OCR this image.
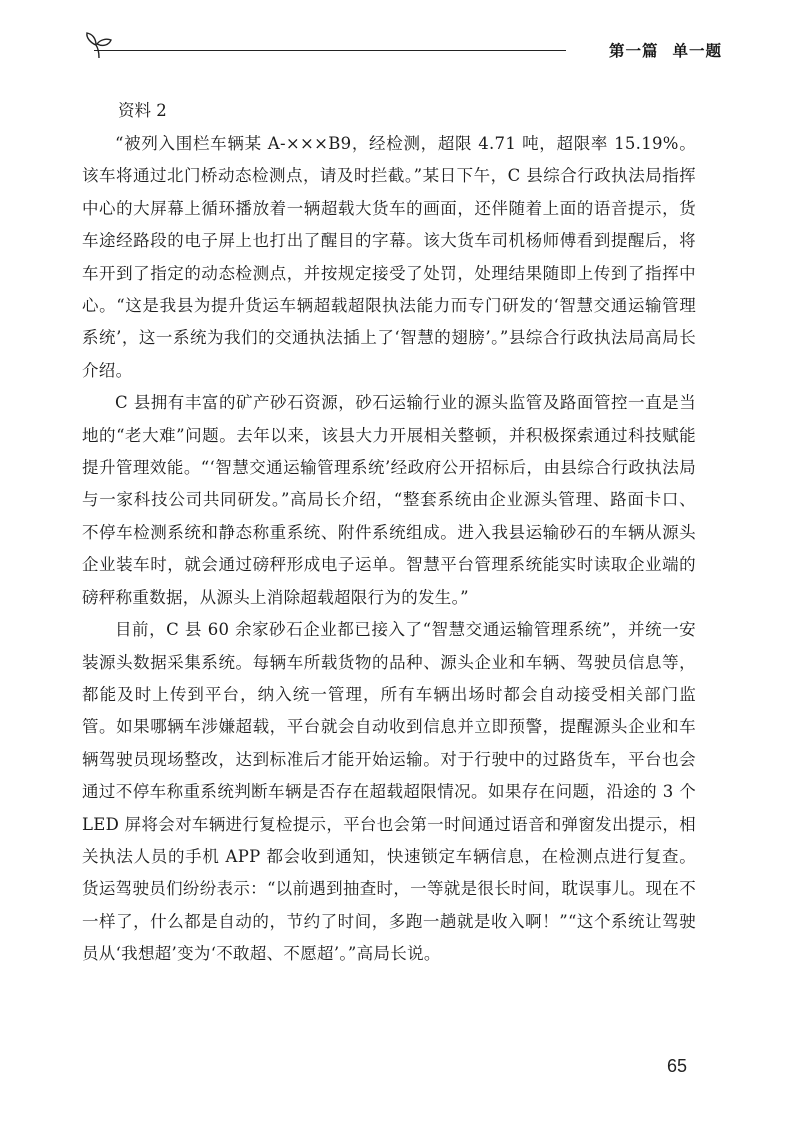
第一篇 单一题
资料 2

“被列入围栏车辆某 A-×××B9，经检测，超限 4.71 吨，超限率 15.19%。该车将通过北门桥动态检测点，请及时拦截。”某日下午，C 县综合行政执法局指挥中心的大屏幕上循环播放着一辆超载大货车的画面，还伴随着上面的语音提示，货车途经路段的电子屏上也打出了醒目的字幕。该大货车司机杨师傅看到提醒后，将车开到了指定的动态检测点，并按规定接受了处罚，处理结果随即上传到了指挥中心。“这是我县为提升货运车辆超载超限执法能力而专门研发的‘智慧交通运输管理系统’，这一系统为我们的交通执法插上了‘智慧的翅膀’。”县综合行政执法局高局长介绍。

C 县拥有丰富的矿产砂石资源，砂石运输行业的源头监管及路面管控一直是当地的“老大难”问题。去年以来，该县大力开展相关整顿，并积极探索通过科技赋能提升管理效能。“‘智慧交通运输管理系统’经政府公开招标后，由县综合行政执法局与一家科技公司共同研发。”高局长介绍，“整套系统由企业源头管理、路面卡口、不停车检测系统和静态称重系统、附件系统组成。进入我县运输砂石的车辆从源头企业装车时，就会通过磅秤形成电子运单。智慧平台管理系统能实时读取企业端的磅秤称重数据，从源头上消除超载超限行为的发生。”

目前，C 县 60 余家砂石企业都已接入了“智慧交通运输管理系统”，并统一安装源头数据采集系统。每辆车所载货物的品种、源头企业和车辆、驾驶员信息等，都能及时上传到平台，纳入统一管理，所有车辆出场时都会自动接受相关部门监管。如果哪辆车涉嫌超载，平台就会自动收到信息并立即预警，提醒源头企业和车辆驾驶员现场整改，达到标准后才能开始运输。对于行驶中的过路货车，平台也会通过不停车称重系统判断车辆是否存在超载超限情况。如果存在问题，沿途的 3 个 LED 屏将会对车辆进行复检提示，平台也会第一时间通过语音和弹窗发出提示，相关执法人员的手机 APP 都会收到通知，快速锁定车辆信息，在检测点进行复查。货运驾驶员们纷纷表示：“以前遇到抽查时，一等就是很长时间，耽误事儿。现在不一样了，什么都是自动的，节约了时间，多跑一趟就是收入啊！”“这个系统让驾驶员从‘我想超’变为‘不敢超、不愿超’。”高局长说。

65
